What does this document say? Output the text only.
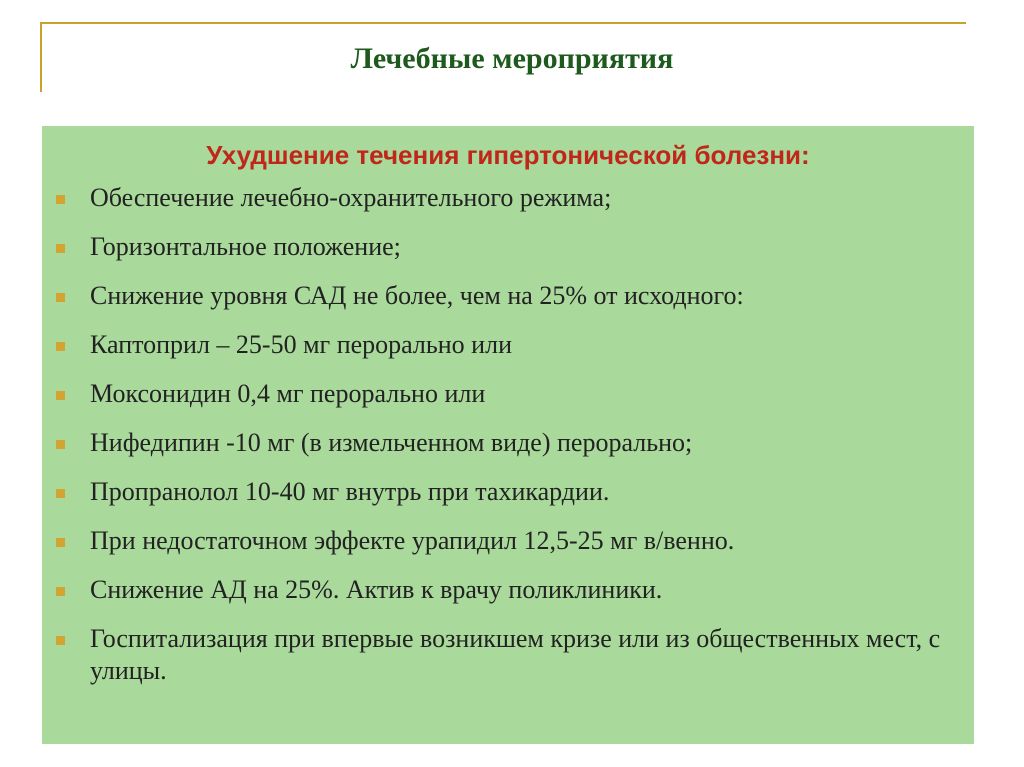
Лечебные мероприятия
Ухудшение течения гипертонической болезни:
Обеспечение лечебно-охранительного режима;
Горизонтальное положение;
Снижение уровня САД не более, чем на 25% от исходного:
Каптоприл – 25-50 мг перорально или
Моксонидин 0,4 мг перорально или
Нифедипин -10 мг (в измельченном виде) перорально;
Пропранолол 10-40 мг внутрь при тахикардии.
При недостаточном эффекте урапидил 12,5-25 мг в/венно.
Снижение АД на 25%. Актив к врачу поликлиники.
Госпитализация при впервые возникшем кризе или из общественных мест, с улицы.
